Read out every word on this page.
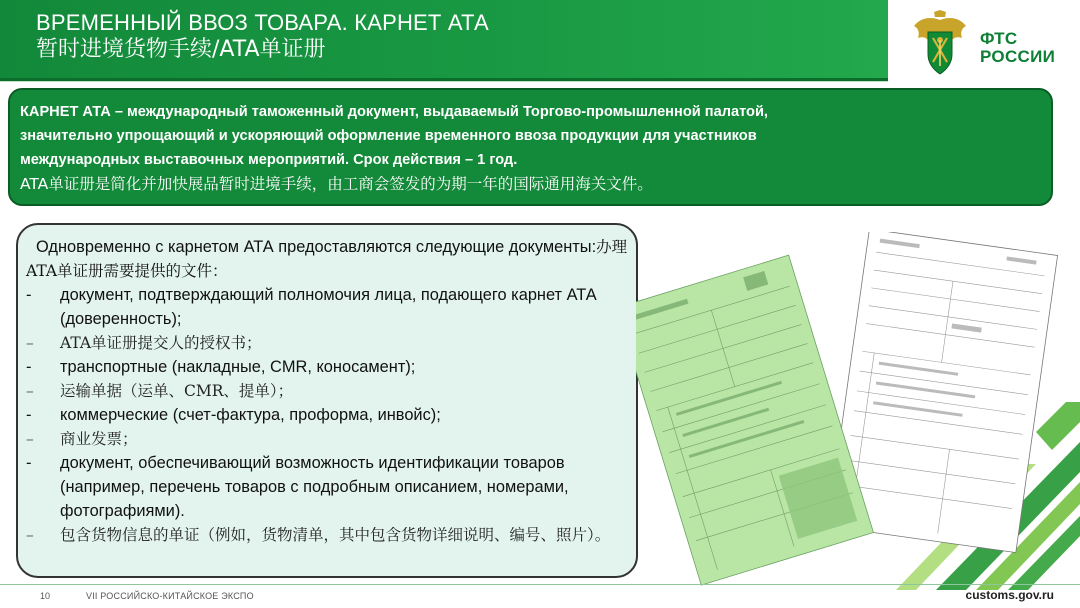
ВРЕМЕННЫЙ ВВОЗ ТОВАРА. КАРНЕТ АТА
暂时进境货物手续/ATA单证册	ФТС
РОССИИ
КАРНЕТ АТА – международный таможенный документ, выдаваемый Торгово-промышленной палатой,
значительно упрощающий и ускоряющий оформление временного ввоза продукции для участников
международных выставочных мероприятий. Срок действия – 1 год.
ATA单证册是简化并加快展品暂时进境手续，由工商会签发的为期一年的国际通用海关文件。
Одновременно с карнетом АТА предоставляются следующие документы:办理ATA单证册需要提供的文件：
-	документ, подтверждающий полномочия лица, подающего карнет АТА (доверенность);
–	ATA单证册提交人的授权书；
-	транспортные (накладные, CMR, коносамент);
–	运输单据（运单、CMR、提单）；
-	коммерческие (счет-фактура, проформа, инвойс);
–	商业发票；
-	документ, обеспечивающий возможность идентификации товаров (например, перечень товаров с подробным описанием, номерами, фотографиями).
–	包含货物信息的单证（例如，货物清单，其中包含货物详细说明、编号、照片）。
10	VII РОССИЙСКО-КИТАЙСКОЕ ЭКСПО	customs.gov.ru
